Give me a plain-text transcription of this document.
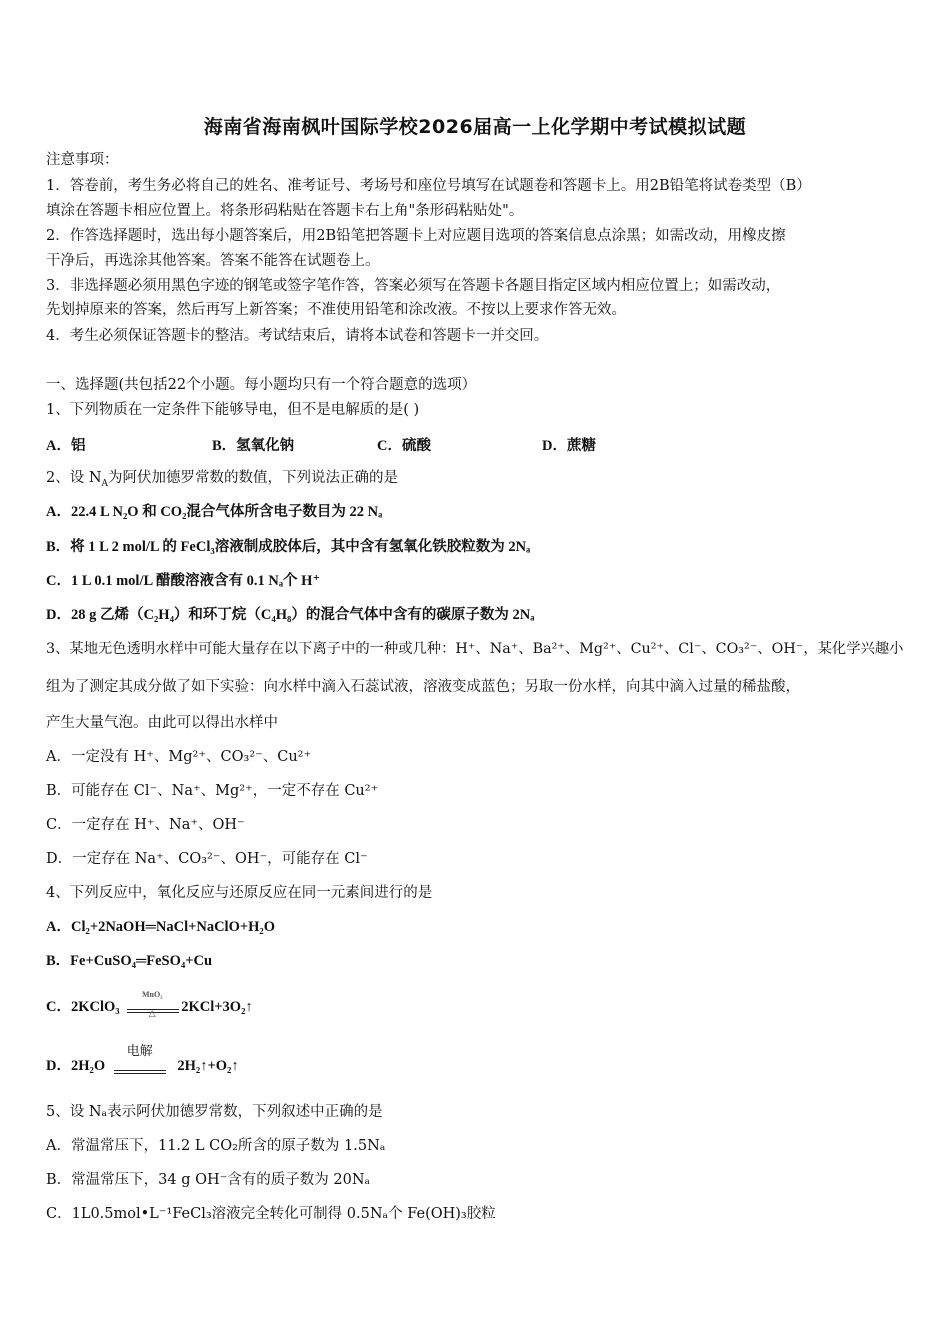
海南省海南枫叶国际学校2026届高一上化学期中考试模拟试题
注意事项：
1．答卷前，考生务必将自己的姓名、准考证号、考场号和座位号填写在试题卷和答题卡上。用2B铅笔将试卷类型（B）
填涂在答题卡相应位置上。将条形码粘贴在答题卡右上角"条形码粘贴处"。
2．作答选择题时，选出每小题答案后，用2B铅笔把答题卡上对应题目选项的答案信息点涂黑；如需改动，用橡皮擦
干净后，再选涂其他答案。答案不能答在试题卷上。
3．非选择题必须用黑色字迹的钢笔或签字笔作答，答案必须写在答题卡各题目指定区域内相应位置上；如需改动，
先划掉原来的答案，然后再写上新答案；不准使用铅笔和涂改液。不按以上要求作答无效。
4．考生必须保证答题卡的整洁。考试结束后，请将本试卷和答题卡一并交回。
一、选择题(共包括22个小题。每小题均只有一个符合题意的选项）
1、下列物质在一定条件下能够导电，但不是电解质的是( )
A．铝	B．氢氧化钠	C．硫酸	D．蔗糖
2、设 $N_A$为阿伏加德罗常数的数值，下列说法正确的是
A．22.4 L N₂O 和 CO₂混合气体所含电子数目为 22 Nₐ
B．将 1 L 2 mol/L 的 FeCl₃溶液制成胶体后，其中含有氢氧化铁胶粒数为 2Nₐ
C．1 L 0.1 mol/L 醋酸溶液含有 0.1 Nₐ个 H⁺
D．28 g 乙烯（C₂H₄）和环丁烷（C₄H₈）的混合气体中含有的碳原子数为 2Nₐ
3、某地无色透明水样中可能大量存在以下离子中的一种或几种：H⁺、Na⁺、Ba²⁺、Mg²⁺、Cu²⁺、Cl⁻、CO₃²⁻、OH⁻，某化学兴趣小
组为了测定其成分做了如下实验：向水样中滴入石蕊试液，溶液变成蓝色；另取一份水样，向其中滴入过量的稀盐酸，
产生大量气泡。由此可以得出水样中
A．一定没有 H⁺、Mg²⁺、CO₃²⁻、Cu²⁺
B．可能存在 Cl⁻、Na⁺、Mg²⁺，一定不存在 Cu²⁺
C．一定存在 H⁺、Na⁺、OH⁻
D．一定存在 Na⁺、CO₃²⁻、OH⁻，可能存在 Cl⁻
4、下列反应中，氧化反应与还原反应在同一元素间进行的是
A．Cl₂+2NaOH═NaCl+NaClO+H₂O
B．Fe+CuSO₄═FeSO₄+Cu
C．2KClO₃
MnO₂
△	2KCl+3O₂↑
D．2H₂O
电解
2H₂↑+O₂↑
5、设 Nₐ表示阿伏加德罗常数，下列叙述中正确的是
A．常温常压下，11.2 L CO₂所含的原子数为 1.5Nₐ
B．常温常压下，34 g OH⁻含有的质子数为 20Nₐ
C．1L0.5mol•L⁻¹FeCl₃溶液完全转化可制得 0.5Nₐ个 Fe(OH)₃胶粒
